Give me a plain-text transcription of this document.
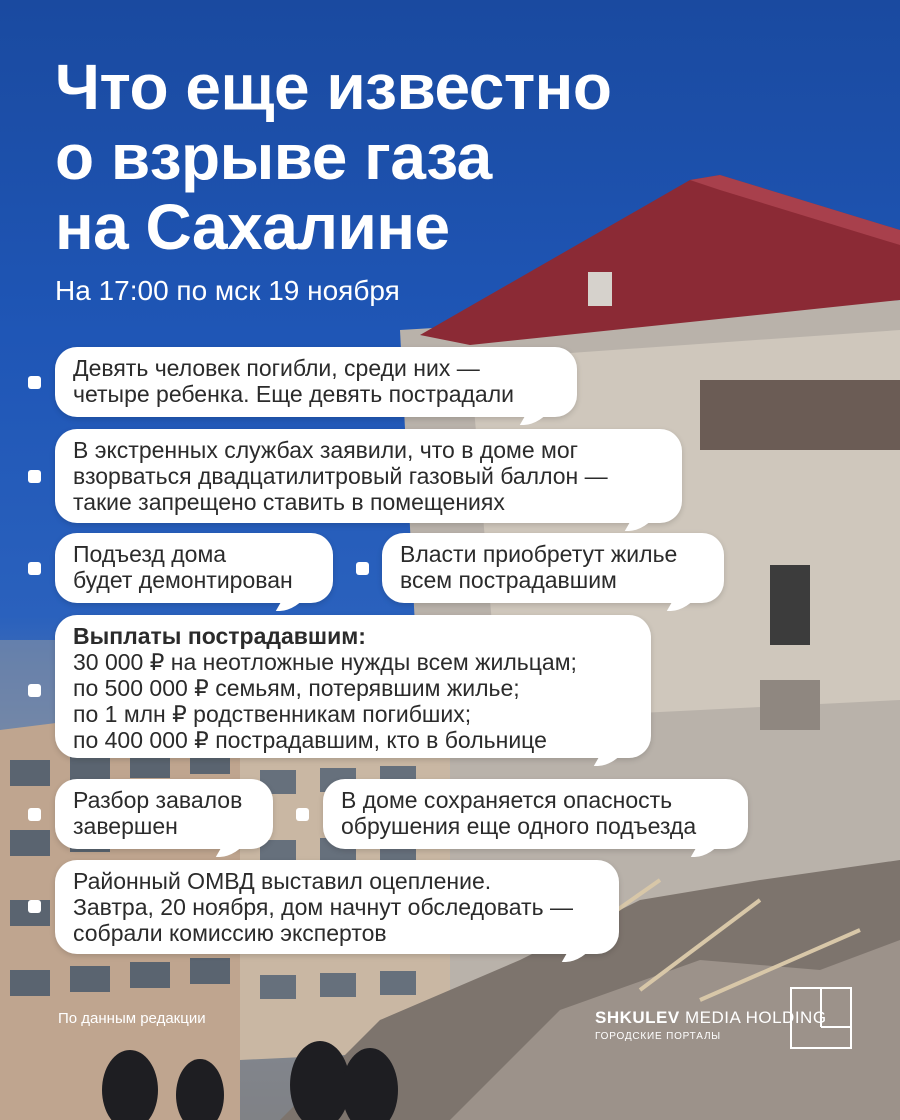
Что еще известно
о взрыве газа
на Сахалине
На 17:00 по мск 19 ноября
Девять человек погибли, среди них —
четыре ребенка. Еще девять пострадали
В экстренных службах заявили, что в доме мог
взорваться двадцатилитровый газовый баллон —
такие запрещено ставить в помещениях
Подъезд дома
будет демонтирован
Власти приобретут жилье
всем пострадавшим
Выплаты пострадавшим:
30 000 ₽ на неотложные нужды всем жильцам;
по 500 000 ₽ семьям, потерявшим жилье;
по 1 млн ₽ родственникам погибших;
по 400 000 ₽ пострадавшим, кто в больнице
Разбор завалов
завершен
В доме сохраняется опасность
обрушения еще одного подъезда
Районный ОМВД выставил оцепление.
Завтра, 20 ноября, дом начнут обследовать —
собрали комиссию экспертов
По данным редакции	SHKULEV MEDIA HOLDING
ГОРОДСКИЕ ПОРТАЛЫ
